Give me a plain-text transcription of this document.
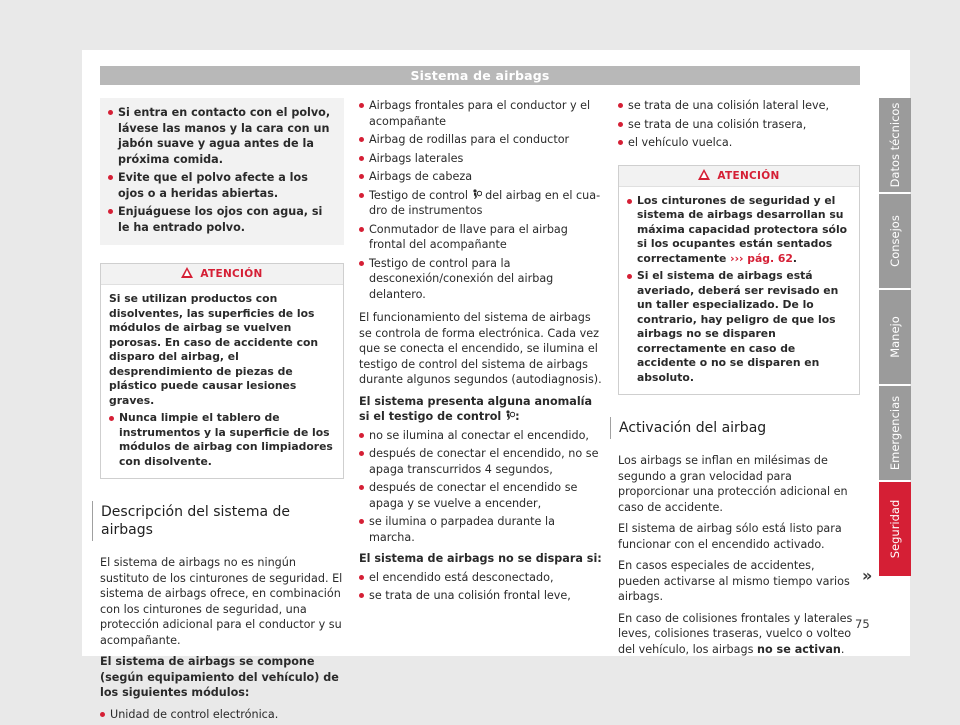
Sistema de airbags
Si entra en contacto con el polvo, lávese las manos y la cara con un jabón suave y agua antes de la próxima comida.
Evite que el polvo afecte a los ojos o a heridas abiertas.
Enjuáguese los ojos con agua, si le ha entrado polvo.
ATENCIÓN

Si se utilizan productos con disolventes, las superficies de los módulos de airbag se vuelven porosas. En caso de accidente con disparo del airbag, el desprendimiento de piezas de plástico puede causar lesiones graves.

Nunca limpie el tablero de instrumentos y la superficie de los módulos de airbag con limpiadores con disolvente.
Descripción del sistema de airbags

El sistema de airbags no es ningún sustituto de los cinturones de seguridad. El sistema de airbags ofrece, en combinación con los cinturones de seguridad, una protección adicional para el conductor y su acompañante.

El sistema de airbags se compone (según equipamiento del vehículo) de los siguientes módulos:

Unidad de control electrónica.
Airbags frontales para el conductor y el acompañante
Airbag de rodillas para el conductor
Airbags laterales
Airbags de cabeza
Testigo de control del airbag en el cuadro de instrumentos
Conmutador de llave para el airbag frontal del acompañante
Testigo de control para la desconexión/conexión del airbag delantero.

El funcionamiento del sistema de airbags se controla de forma electrónica. Cada vez que se conecta el encendido, se ilumina el testigo de control del sistema de airbags durante algunos segundos (autodiagnosis).

El sistema presenta alguna anomalía si el testigo de control :

no se ilumina al conectar el encendido,
después de conectar el encendido, no se apaga transcurridos 4 segundos,
después de conectar el encendido se apaga y se vuelve a encender,
se ilumina o parpadea durante la marcha.

El sistema de airbags no se dispara si:

el encendido está desconectado,
se trata de una colisión frontal leve,
se trata de una colisión lateral leve,
se trata de una colisión trasera,
el vehículo vuelca.
ATENCIÓN
Los cinturones de seguridad y el sistema de airbags desarrollan su máxima capacidad protectora sólo si los ocupantes están sentados correctamente ››› pág. 62.
Si el sistema de airbags está averiado, deberá ser revisado en un taller especializado. De lo contrario, hay peligro de que los airbags no se disparen correctamente en caso de accidente o no se disparen en absoluto.
Activación del airbag

Los airbags se inflan en milésimas de segundo a gran velocidad para proporcionar una protección adicional en caso de accidente.

El sistema de airbag sólo está listo para funcionar con el encendido activado.

En casos especiales de accidentes, pueden activarse al mismo tiempo varios airbags.

En caso de colisiones frontales y laterales leves, colisiones traseras, vuelco o volteo del vehículo, los airbags no se activan.

Datos técnicos
Consejos
Manejo
Emergencias
Seguridad
»
75
